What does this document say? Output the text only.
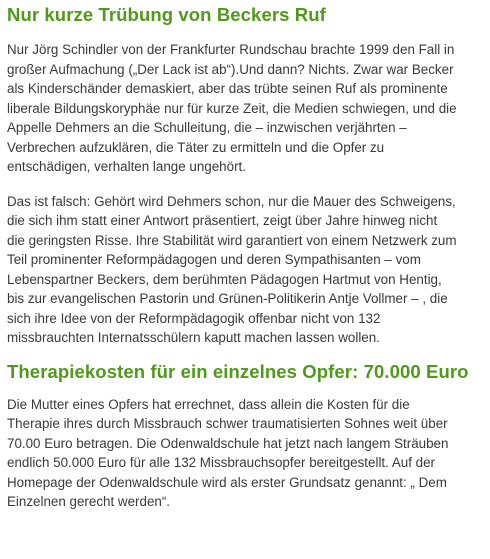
Nur kurze Trübung von Beckers Ruf

Nur Jörg Schindler von der Frankfurter Rundschau brachte 1999 den Fall in
großer Aufmachung („Der Lack ist ab“).Und dann? Nichts. Zwar war Becker
als Kinderschänder demaskiert, aber das trübte seinen Ruf als prominente
liberale Bildungskoryphäe nur für kurze Zeit, die Medien schwiegen, und die
Appelle Dehmers an die Schulleitung, die – inzwischen verjährten –
Verbrechen aufzuklären, die Täter zu ermitteln und die Opfer zu
entschädigen, verhalten lange ungehört.

Das ist falsch: Gehört wird Dehmers schon, nur die Mauer des Schweigens,
die sich ihm statt einer Antwort präsentiert, zeigt über Jahre hinweg nicht
die geringsten Risse. Ihre Stabilität wird garantiert von einem Netzwerk zum
Teil prominenter Reformpädagogen und deren Sympathisanten – vom
Lebenspartner Beckers, dem berühmten Pädagogen Hartmut von Hentig,
bis zur evangelischen Pastorin und Grünen-Politikerin Antje Vollmer – , die
sich ihre Idee von der Reformpädagogik offenbar nicht von 132
missbrauchten Internatsschülern kaputt machen lassen wollen.

Therapiekosten für ein einzelnes Opfer: 70.000 Euro

Die Mutter eines Opfers hat errechnet, dass allein die Kosten für die
Therapie ihres durch Missbrauch schwer traumatisierten Sohnes weit über
70.00 Euro betragen. Die Odenwaldschule hat jetzt nach langem Sträuben
endlich 50.000 Euro für alle 132 Missbrauchsopfer bereitgestellt. Auf der
Homepage der Odenwaldschule wird als erster Grundsatz genannt: „ Dem
Einzelnen gerecht werden“.
